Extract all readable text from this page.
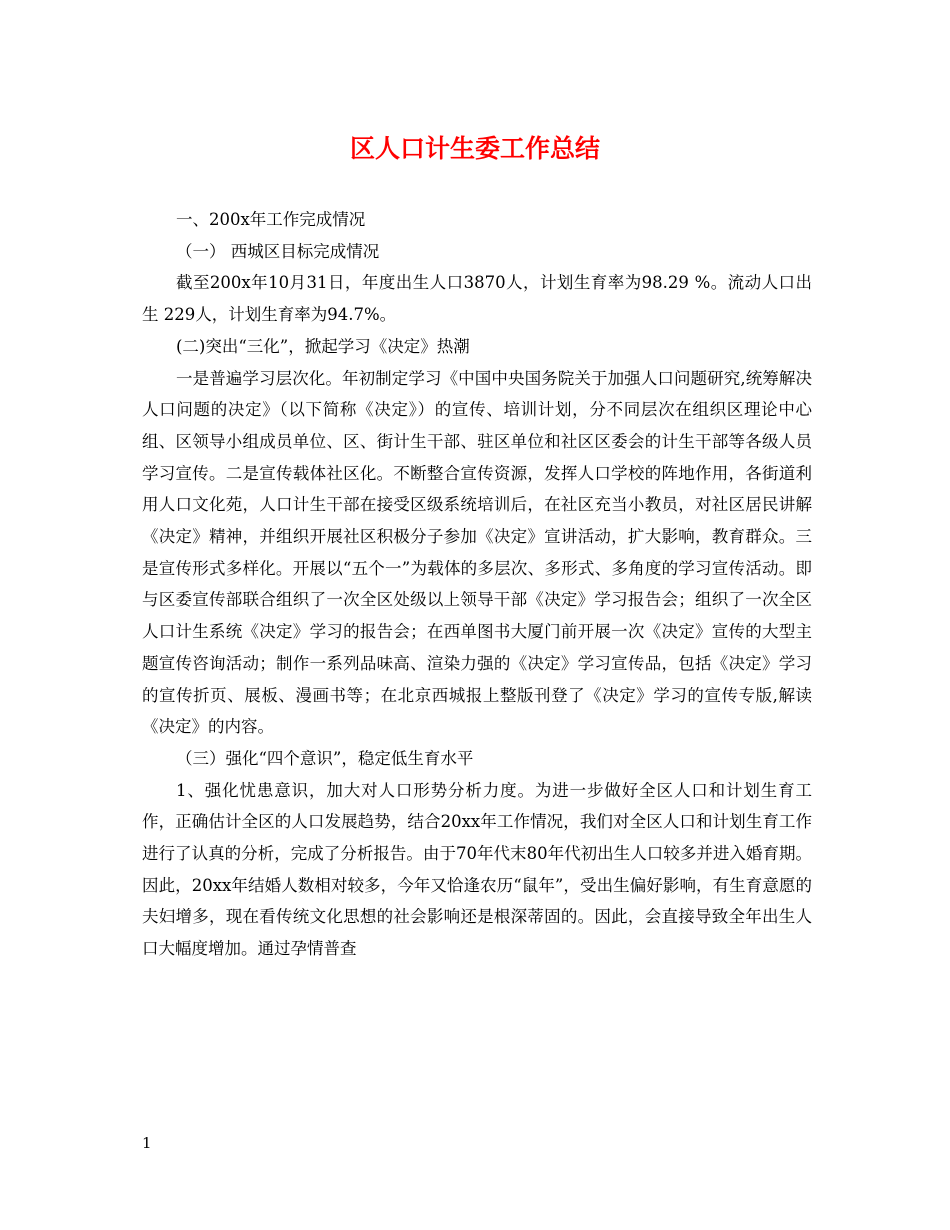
区人口计生委工作总结

一、200x年工作完成情况

（一） 西城区目标完成情况

截至200x年10月31日，年度出生人口3870人，计划生育率为98.29 %。流动人口出生 229人，计划生育率为94.7%。

(二)突出“三化”，掀起学习《决定》热潮

一是普遍学习层次化。年初制定学习《中国中央国务院关于加强人口问题研究,统筹解决人口问题的决定》（以下简称《决定》）的宣传、培训计划，分不同层次在组织区理论中心组、区领导小组成员单位、区、街计生干部、驻区单位和社区区委会的计生干部等各级人员学习宣传。二是宣传载体社区化。不断整合宣传资源，发挥人口学校的阵地作用，各街道利用人口文化苑，人口计生干部在接受区级系统培训后，在社区充当小教员，对社区居民讲解《决定》精神，并组织开展社区积极分子参加《决定》宣讲活动，扩大影响，教育群众。三是宣传形式多样化。开展以“五个一”为载体的多层次、多形式、多角度的学习宣传活动。即与区委宣传部联合组织了一次全区处级以上领导干部《决定》学习报告会；组织了一次全区人口计生系统《决定》学习的报告会；在西单图书大厦门前开展一次《决定》宣传的大型主题宣传咨询活动；制作一系列品味高、渲染力强的《决定》学习宣传品，包括《决定》学习的宣传折页、展板、漫画书等；在北京西城报上整版刊登了《决定》学习的宣传专版,解读《决定》的内容。

（三）强化“四个意识”，稳定低生育水平

1、强化忧患意识，加大对人口形势分析力度。为进一步做好全区人口和计划生育工作，正确估计全区的人口发展趋势，结合20xx年工作情况，我们对全区人口和计划生育工作进行了认真的分析，完成了分析报告。由于70年代末80年代初出生人口较多并进入婚育期。因此，20xx年结婚人数相对较多，今年又恰逢农历“鼠年”，受出生偏好影响，有生育意愿的夫妇增多，现在看传统文化思想的社会影响还是根深蒂固的。因此，会直接导致全年出生人口大幅度增加。通过孕情普查

1
